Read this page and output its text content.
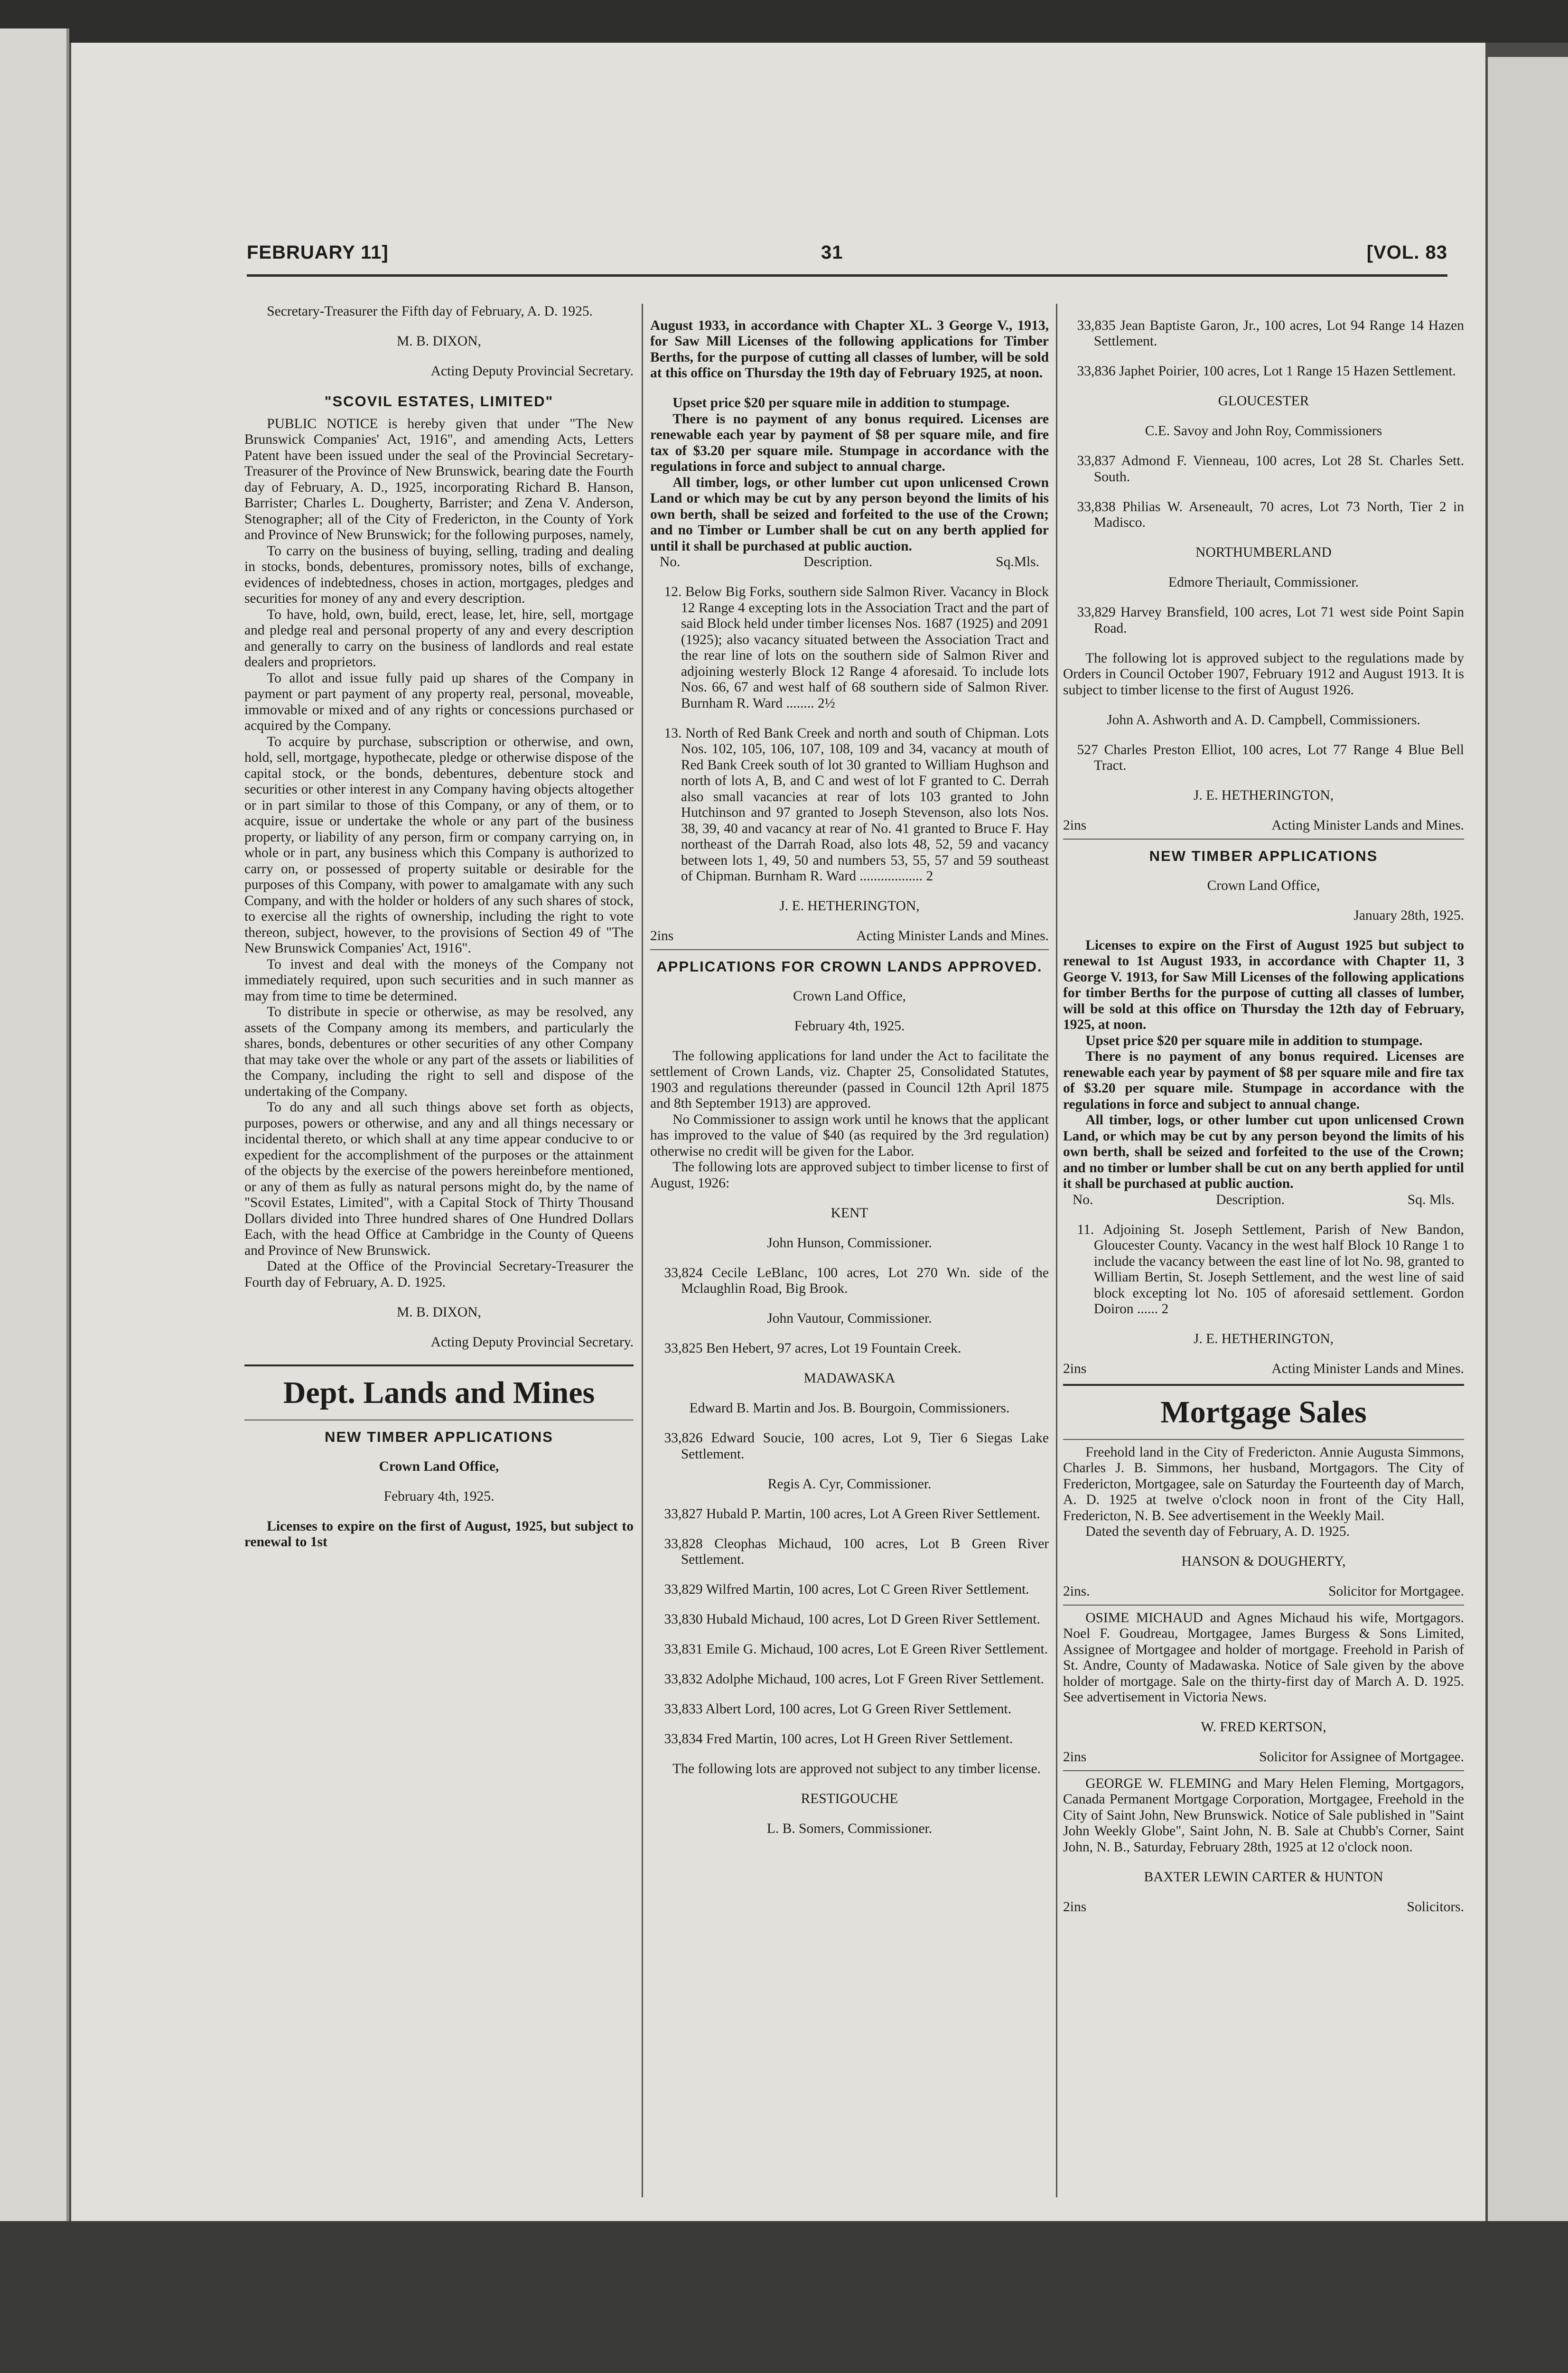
FEBRUARY 11]	31	[VOL. 83

Secretary-Treasurer the Fifth day of February, A. D. 1925.

M. B. DIXON,

Acting Deputy Provincial Secretary.

"SCOVIL ESTATES, LIMITED"

PUBLIC NOTICE is hereby given that under "The New Brunswick Companies' Act, 1916", and amending Acts, Letters Patent have been issued under the seal of the Provincial Secretary-Treasurer of the Province of New Brunswick, bearing date the Fourth day of February, A. D., 1925, incorporating Richard B. Hanson, Barrister; Charles L. Dougherty, Barrister; and Zena V. Anderson, Stenographer; all of the City of Fredericton, in the County of York and Province of New Brunswick; for the following purposes, namely,

To carry on the business of buying, selling, trading and dealing in stocks, bonds, debentures, promissory notes, bills of exchange, evidences of indebtedness, choses in action, mortgages, pledges and securities for money of any and every description.

To have, hold, own, build, erect, lease, let, hire, sell, mortgage and pledge real and personal property of any and every description and generally to carry on the business of landlords and real estate dealers and proprietors.

To allot and issue fully paid up shares of the Company in payment or part payment of any property real, personal, moveable, immovable or mixed and of any rights or concessions purchased or acquired by the Company.

To acquire by purchase, subscription or otherwise, and own, hold, sell, mortgage, hypothecate, pledge or otherwise dispose of the capital stock, or the bonds, debentures, debenture stock and securities or other interest in any Company having objects altogether or in part similar to those of this Company, or any of them, or to acquire, issue or undertake the whole or any part of the business property, or liability of any person, firm or company carrying on, in whole or in part, any business which this Company is authorized to carry on, or possessed of property suitable or desirable for the purposes of this Company, with power to amalgamate with any such Company, and with the holder or holders of any such shares of stock, to exercise all the rights of ownership, including the right to vote thereon, subject, however, to the provisions of Section 49 of "The New Brunswick Companies' Act, 1916".

To invest and deal with the moneys of the Company not immediately required, upon such securities and in such manner as may from time to time be determined.

To distribute in specie or otherwise, as may be resolved, any assets of the Company among its members, and particularly the shares, bonds, debentures or other securities of any other Company that may take over the whole or any part of the assets or liabilities of the Company, including the right to sell and dispose of the undertaking of the Company.

To do any and all such things above set forth as objects, purposes, powers or otherwise, and any and all things necessary or incidental thereto, or which shall at any time appear conducive to or expedient for the accomplishment of the purposes or the attainment of the objects by the exercise of the powers hereinbefore mentioned, or any of them as fully as natural persons might do, by the name of "Scovil Estates, Limited", with a Capital Stock of Thirty Thousand Dollars divided into Three hundred shares of One Hundred Dollars Each, with the head Office at Cambridge in the County of Queens and Province of New Brunswick.

Dated at the Office of the Provincial Secretary-Treasurer the Fourth day of February, A. D. 1925.

M. B. DIXON,

Acting Deputy Provincial Secretary.

Dept. Lands and Mines

NEW TIMBER APPLICATIONS

Crown Land Office,

February 4th, 1925.

Licenses to expire on the first of August, 1925, but subject to renewal to 1st

August 1933, in accordance with Chapter XL. 3 George V., 1913, for Saw Mill Licenses of the following applications for Timber Berths, for the purpose of cutting all classes of lumber, will be sold at this office on Thursday the 19th day of February 1925, at noon.

Upset price $20 per square mile in addition to stumpage.

There is no payment of any bonus required. Licenses are renewable each year by payment of $8 per square mile, and fire tax of $3.20 per square mile. Stumpage in accordance with the regulations in force and subject to annual charge.

All timber, logs, or other lumber cut upon unlicensed Crown Land or which may be cut by any person beyond the limits of his own berth, shall be seized and forfeited to the use of the Crown; and no Timber or Lumber shall be cut on any berth applied for until it shall be purchased at public auction.

No.	Description.	Sq.Mls.

12. Below Big Forks, southern side Salmon River. Vacancy in Block 12 Range 4 excepting lots in the Association Tract and the part of said Block held under timber licenses Nos. 1687 (1925) and 2091 (1925); also vacancy situated between the Association Tract and the rear line of lots on the southern side of Salmon River and adjoining westerly Block 12 Range 4 aforesaid. To include lots Nos. 66, 67 and west half of 68 southern side of Salmon River. Burnham R. Ward ........ 2½

13. North of Red Bank Creek and north and south of Chipman. Lots Nos. 102, 105, 106, 107, 108, 109 and 34, vacancy at mouth of Red Bank Creek south of lot 30 granted to William Hughson and north of lots A, B, and C and west of lot F granted to C. Derrah also small vacancies at rear of lots 103 granted to John Hutchinson and 97 granted to Joseph Stevenson, also lots Nos. 38, 39, 40 and vacancy at rear of No. 41 granted to Bruce F. Hay northeast of the Darrah Road, also lots 48, 52, 59 and vacancy between lots 1, 49, 50 and numbers 53, 55, 57 and 59 southeast of Chipman. Burnham R. Ward .................. 2

J. E. HETHERINGTON,

2ins	Acting Minister Lands and Mines.

APPLICATIONS FOR CROWN LANDS APPROVED.

Crown Land Office,

February 4th, 1925.

The following applications for land under the Act to facilitate the settlement of Crown Lands, viz. Chapter 25, Consolidated Statutes, 1903 and regulations thereunder (passed in Council 12th April 1875 and 8th September 1913) are approved.

No Commissioner to assign work until he knows that the applicant has improved to the value of $40 (as required by the 3rd regulation) otherwise no credit will be given for the Labor.

The following lots are approved subject to timber license to first of August, 1926:

KENT

John Hunson, Commissioner.

33,824 Cecile LeBlanc, 100 acres, Lot 270 Wn. side of the Mclaughlin Road, Big Brook.

John Vautour, Commissioner.

33,825 Ben Hebert, 97 acres, Lot 19 Fountain Creek.

MADAWASKA

Edward B. Martin and Jos. B. Bourgoin, Commissioners.

33,826 Edward Soucie, 100 acres, Lot 9, Tier 6 Siegas Lake Settlement.

Regis A. Cyr, Commissioner.

33,827 Hubald P. Martin, 100 acres, Lot A Green River Settlement.

33,828 Cleophas Michaud, 100 acres, Lot B Green River Settlement.

33,829 Wilfred Martin, 100 acres, Lot C Green River Settlement.

33,830 Hubald Michaud, 100 acres, Lot D Green River Settlement.

33,831 Emile G. Michaud, 100 acres, Lot E Green River Settlement.

33,832 Adolphe Michaud, 100 acres, Lot F Green River Settlement.

33,833 Albert Lord, 100 acres, Lot G Green River Settlement.

33,834 Fred Martin, 100 acres, Lot H Green River Settlement.

The following lots are approved not subject to any timber license.

RESTIGOUCHE

L. B. Somers, Commissioner.

33,835 Jean Baptiste Garon, Jr., 100 acres, Lot 94 Range 14 Hazen Settlement.

33,836 Japhet Poirier, 100 acres, Lot 1 Range 15 Hazen Settlement.

GLOUCESTER

C.E. Savoy and John Roy, Commissioners

33,837 Admond F. Vienneau, 100 acres, Lot 28 St. Charles Sett. South.

33,838 Philias W. Arseneault, 70 acres, Lot 73 North, Tier 2 in Madisco.

NORTHUMBERLAND

Edmore Theriault, Commissioner.

33,829 Harvey Bransfield, 100 acres, Lot 71 west side Point Sapin Road.

The following lot is approved subject to the regulations made by Orders in Council October 1907, February 1912 and August 1913. It is subject to timber license to the first of August 1926.

John A. Ashworth and A. D. Campbell, Commissioners.

527 Charles Preston Elliot, 100 acres, Lot 77 Range 4 Blue Bell Tract.

J. E. HETHERINGTON,

2ins	Acting Minister Lands and Mines.

NEW TIMBER APPLICATIONS

Crown Land Office,

January 28th, 1925.

Licenses to expire on the First of August 1925 but subject to renewal to 1st August 1933, in accordance with Chapter 11, 3 George V. 1913, for Saw Mill Licenses of the following applications for timber Berths for the purpose of cutting all classes of lumber, will be sold at this office on Thursday the 12th day of February, 1925, at noon.

Upset price $20 per square mile in addition to stumpage.

There is no payment of any bonus required. Licenses are renewable each year by payment of $8 per square mile and fire tax of $3.20 per square mile. Stumpage in accordance with the regulations in force and subject to annual change.

All timber, logs, or other lumber cut upon unlicensed Crown Land, or which may be cut by any person beyond the limits of his own berth, shall be seized and forfeited to the use of the Crown; and no timber or lumber shall be cut on any berth applied for until it shall be purchased at public auction.

No.	Description.	Sq. Mls.

11. Adjoining St. Joseph Settlement, Parish of New Bandon, Gloucester County. Vacancy in the west half Block 10 Range 1 to include the vacancy between the east line of lot No. 98, granted to William Bertin, St. Joseph Settlement, and the west line of said block excepting lot No. 105 of aforesaid settlement. Gordon Doiron ...... 2

J. E. HETHERINGTON,

2ins	Acting Minister Lands and Mines.

Mortgage Sales

Freehold land in the City of Fredericton. Annie Augusta Simmons, Charles J. B. Simmons, her husband, Mortgagors. The City of Fredericton, Mortgagee, sale on Saturday the Fourteenth day of March, A. D. 1925 at twelve o'clock noon in front of the City Hall, Fredericton, N. B. See advertisement in the Weekly Mail.

Dated the seventh day of February, A. D. 1925.

HANSON & DOUGHERTY,

2ins.	Solicitor for Mortgagee.

OSIME MICHAUD and Agnes Michaud his wife, Mortgagors. Noel F. Goudreau, Mortgagee, James Burgess & Sons Limited, Assignee of Mortgagee and holder of mortgage. Freehold in Parish of St. Andre, County of Madawaska. Notice of Sale given by the above holder of mortgage. Sale on the thirty-first day of March A. D. 1925. See advertisement in Victoria News.

W. FRED KERTSON,

2ins	Solicitor for Assignee of Mortgagee.

GEORGE W. FLEMING and Mary Helen Fleming, Mortgagors, Canada Permanent Mortgage Corporation, Mortgagee, Freehold in the City of Saint John, New Brunswick. Notice of Sale published in "Saint John Weekly Globe", Saint John, N. B. Sale at Chubb's Corner, Saint John, N. B., Saturday, February 28th, 1925 at 12 o'clock noon.

BAXTER LEWIN CARTER & HUNTON

2ins	Solicitors.
